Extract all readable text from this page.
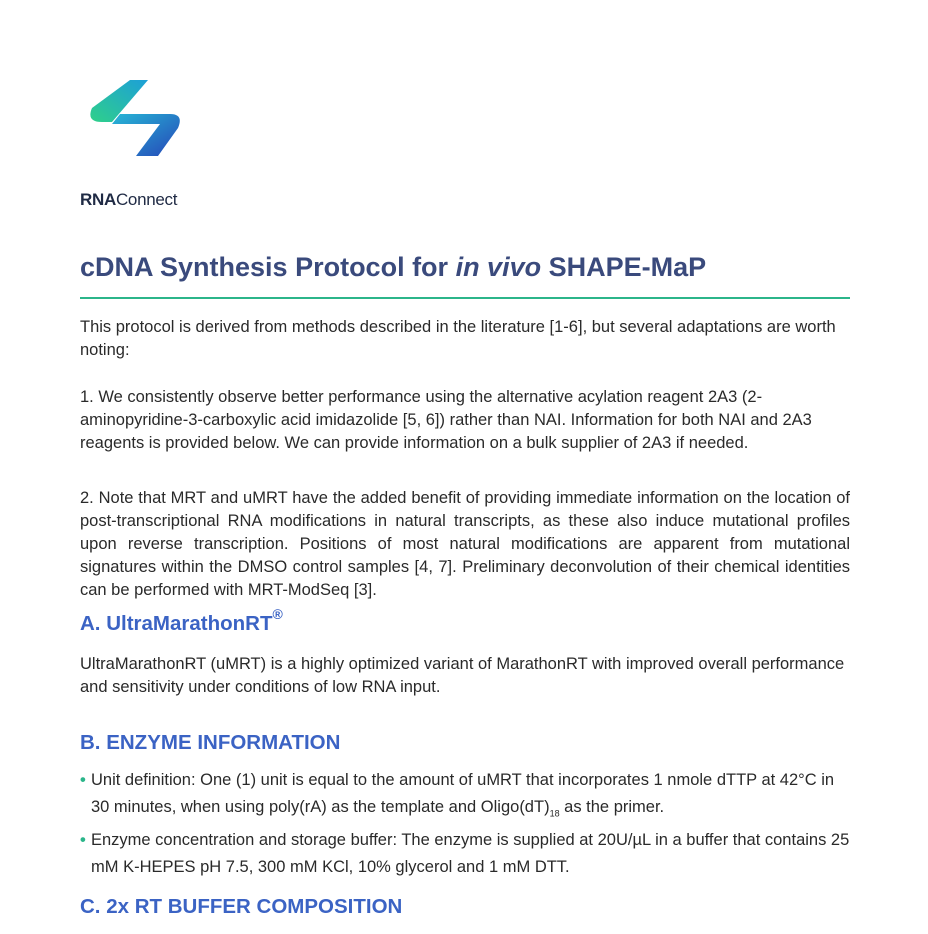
RNAConnect
cDNA Synthesis Protocol for in vivo SHAPE-MaP

This protocol is derived from methods described in the literature [1-6], but several adaptations are worth noting:

1. We consistently observe better performance using the alternative acylation reagent 2A3 (2-aminopyridine-3-carboxylic acid imidazolide [5, 6]) rather than NAI. Information for both NAI and 2A3 reagents is provided below. We can provide information on a bulk supplier of 2A3 if needed.

2. Note that MRT and uMRT have the added benefit of providing immediate information on the location of post-transcriptional RNA modifications in natural transcripts, as these also induce mutational profiles upon reverse transcription. Positions of most natural modifications are apparent from mutational signatures within the DMSO control samples [4, 7]. Preliminary deconvolution of their chemical identities can be performed with MRT-ModSeq [3].

A. UltraMarathonRT®

UltraMarathonRT (uMRT) is a highly optimized variant of MarathonRT with improved overall performance and sensitivity under conditions of low RNA input.

B. ENZYME INFORMATION
• Unit definition: One (1) unit is equal to the amount of uMRT that incorporates 1 nmole dTTP at 42°C in 30 minutes, when using poly(rA) as the template and $Oligo(dT)_{18}$ as the primer.
• Enzyme concentration and storage buffer: The enzyme is supplied at 20U/µL in a buffer that contains 25 mM K-HEPES pH 7.5, 300 mM KCl, 10% glycerol and 1 mM DTT.
C. 2x RT BUFFER COMPOSITION
